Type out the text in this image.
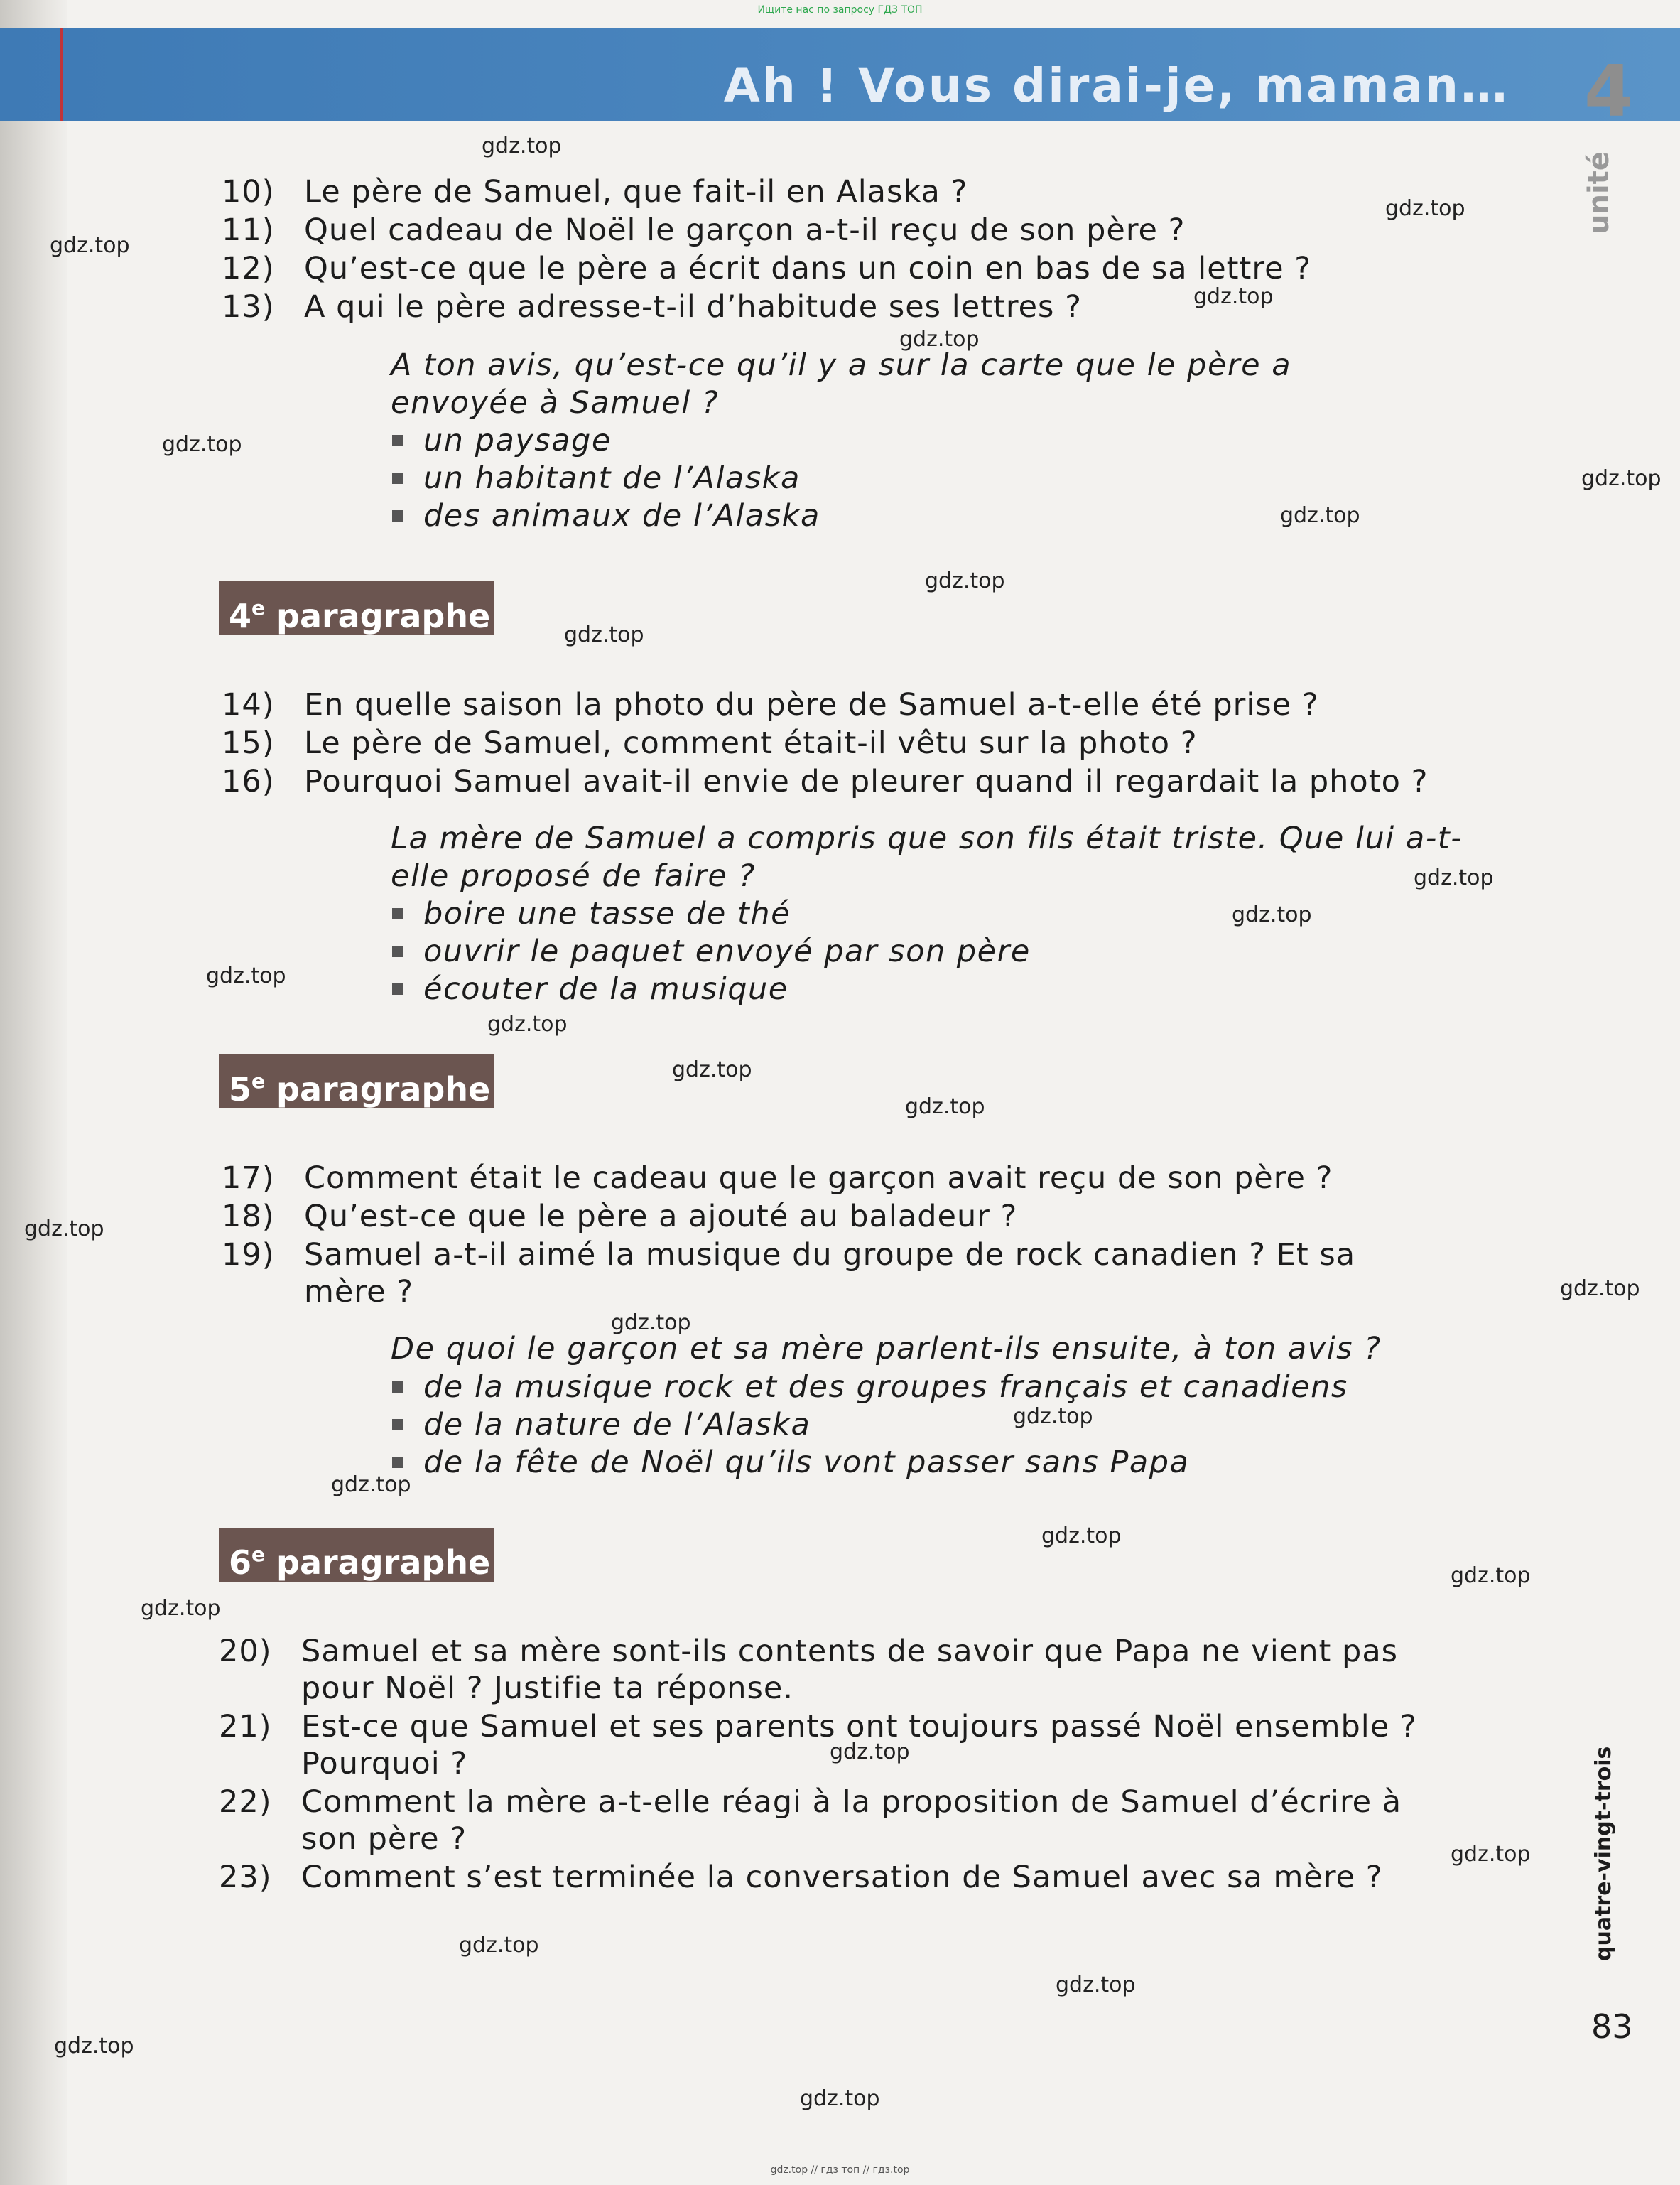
Ищите нас по запросу ГДЗ ТОП
Ah ! Vous dirai-je, maman… 4
unité
10) Le père de Samuel, que fait-il en Alaska ?
11) Quel cadeau de Noël le garçon a-t-il reçu de son père ?
12) Qu’est-ce que le père a écrit dans un coin en bas de sa lettre ?
13) A qui le père adresse-t-il d’habitude ses lettres ?
A ton avis, qu’est-ce qu’il y a sur la carte que le père a envoyée à Samuel ?
un paysage
un habitant de l’Alaska
des animaux de l’Alaska
4e paragraphe
14) En quelle saison la photo du père de Samuel a-t-elle été prise ?
15) Le père de Samuel, comment était-il vêtu sur la photo ?
16) Pourquoi Samuel avait-il envie de pleurer quand il regardait la photo ?
La mère de Samuel a compris que son fils était triste. Que lui a-t-elle proposé de faire ?
boire une tasse de thé
ouvrir le paquet envoyé par son père
écouter de la musique
5e paragraphe
17) Comment était le cadeau que le garçon avait reçu de son père ?
18) Qu’est-ce que le père a ajouté au baladeur ?
19) Samuel a-t-il aimé la musique du groupe de rock canadien ? Et sa mère ?
De quoi le garçon et sa mère parlent-ils ensuite, à ton avis ?
de la musique rock et des groupes français et canadiens
de la nature de l’Alaska
de la fête de Noël qu’ils vont passer sans Papa
6e paragraphe
20) Samuel et sa mère sont-ils contents de savoir que Papa ne vient pas pour Noël ? Justifie ta réponse.
21) Est-ce que Samuel et ses parents ont toujours passé Noël ensemble ? Pourquoi ?
22) Comment la mère a-t-elle réagi à la proposition de Samuel d’écrire à son père ?
23) Comment s’est terminée la conversation de Samuel avec sa mère ?	quatre-vingt-trois
83
gdz.top
gdz.top
gdz.top
gdz.top
gdz.top
gdz.top
gdz.top
gdz.top
gdz.top
gdz.top
gdz.top
gdz.top
gdz.top
gdz.top
gdz.top
gdz.top
gdz.top
gdz.top
gdz.top
gdz.top
gdz.top
gdz.top
gdz.top
gdz.top
gdz.top
gdz.top
gdz.top
gdz.top
gdz.top
gdz.top
gdz.top // гдз топ // гдз.top
